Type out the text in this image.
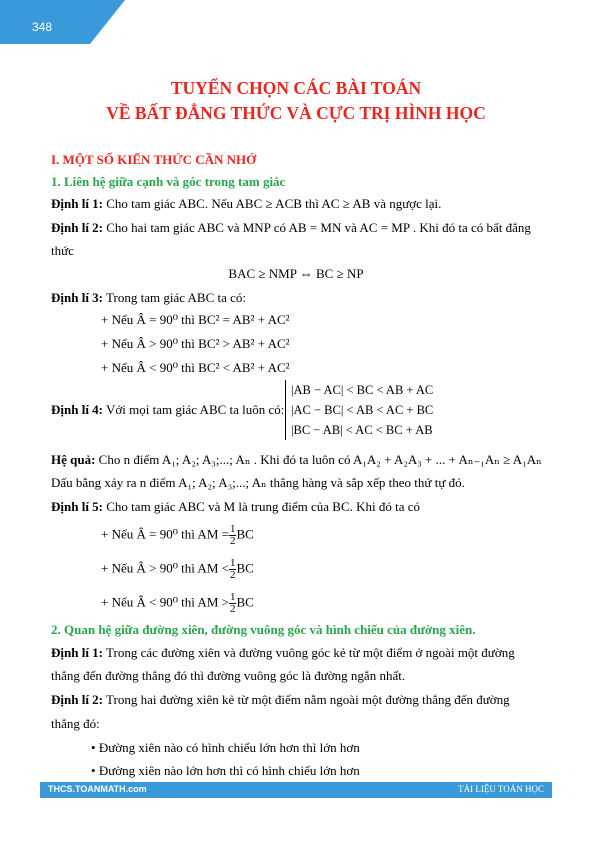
348
TUYỂN CHỌN CÁC BÀI TOÁN
VỀ BẤT ĐẲNG THỨC VÀ CỰC TRỊ HÌNH HỌC
I. MỘT SỐ KIẾN THỨC CẦN NHỚ
1. Liên hệ giữa cạnh và góc trong tam giác
Định lí 1: Cho tam giác ABC. Nếu ABC ≥ ACB thì AC ≥ AB và ngược lại.
Định lí 2: Cho hai tam giác ABC và MNP có AB = MN và AC = MP . Khi đó ta có bất đẳng
thức
BAC ≥ NMP ⇔ BC ≥ NP
Định lí 3: Trong tam giác ABC ta có:
+ Nếu Â = 90⁰ thì BC² = AB² + AC²
+ Nếu Â > 90⁰ thì BC² > AB² + AC²
+ Nếu Â < 90⁰ thì BC² < AB² + AC²
Định lí 4: Với mọi tam giác ABC ta luôn có:
|AB − AC| < BC < AB + AC
|AC − BC| < AB < AC + BC
|BC − AB| < AC < BC + AB
Hệ quả: Cho n điểm A₁; A₂; A₃;...; Aₙ . Khi đó ta luôn có A₁A₂ + A₂A₃ + ... + Aₙ₋₁Aₙ ≥ A₁Aₙ
Dấu bằng xảy ra n điểm A₁; A₂; A₃;...; Aₙ thẳng hàng và sắp xếp theo thứ tự đó.
Định lí 5: Cho tam giác ABC và M là trung điểm của BC. Khi đó ta có
+ Nếu Â = 90⁰ thì AM = $\frac{1}{2}$ BC
+ Nếu Â > 90⁰ thì AM < $\frac{1}{2}$ BC
+ Nếu Â < 90⁰ thì AM > $\frac{1}{2}$ BC
2. Quan hệ giữa đường xiên, đường vuông góc và hình chiếu của đường xiên.
Định lí 1: Trong các đường xiên và đường vuông góc kẻ từ một điểm ở ngoài một đường
thẳng đến đường thẳng đó thì đường vuông góc là đường ngắn nhất.
Định lí 2: Trong hai đường xiên kẻ từ một điểm nằm ngoài một đường thẳng đến đường
thẳng đó:
• Đường xiên nào có hình chiếu lớn hơn thì lớn hơn
• Đường xiên nào lớn hơn thì có hình chiếu lớn hơn
THCS.TOANMATH.com	TÀI LIỆU TOÁN HỌC
